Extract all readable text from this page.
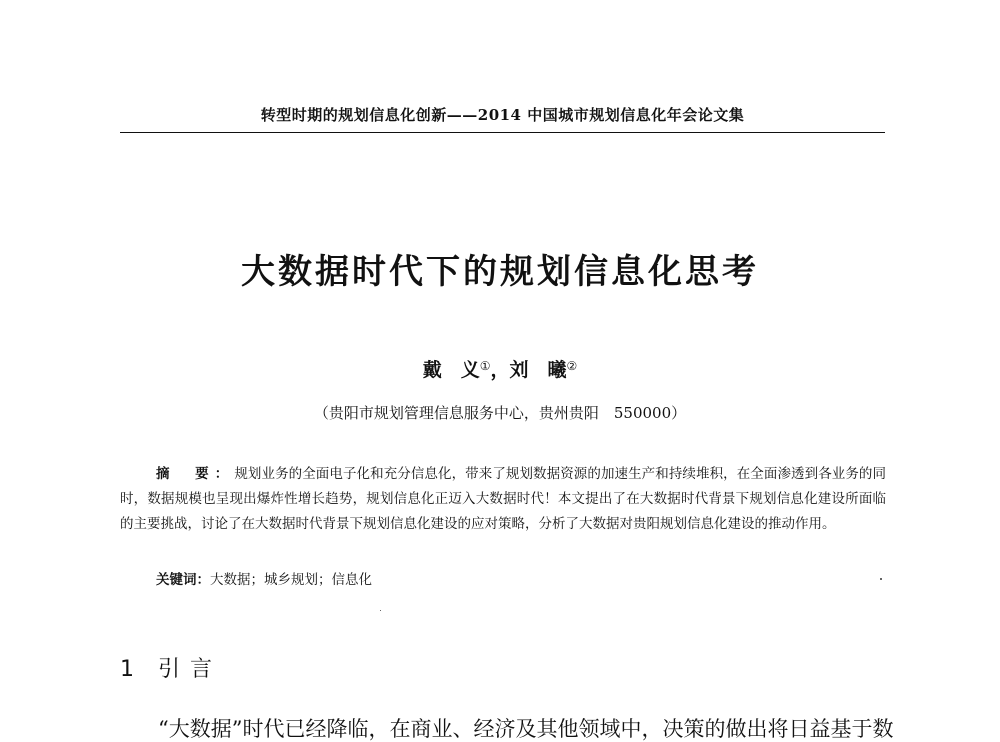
转型时期的规划信息化创新——2014 中国城市规划信息化年会论文集
大数据时代下的规划信息化思考
戴　义①，刘　曦②
（贵阳市规划管理信息服务中心，贵州贵阳　550000）

摘　要：规划业务的全面电子化和充分信息化，带来了规划数据资源的加速生产和持续堆积，在全面渗透到各业务的同时，数据规模也呈现出爆炸性增长趋势，规划信息化正迈入大数据时代！本文提出了在大数据时代背景下规划信息化建设所面临的主要挑战，讨论了在大数据时代背景下规划信息化建设的应对策略，分析了大数据对贵阳规划信息化建设的推动作用。

关键词：大数据；城乡规划；信息化
1 引言
“大数据”时代已经降临，在商业、经济及其他领域中，决策的做出将日益基于数
